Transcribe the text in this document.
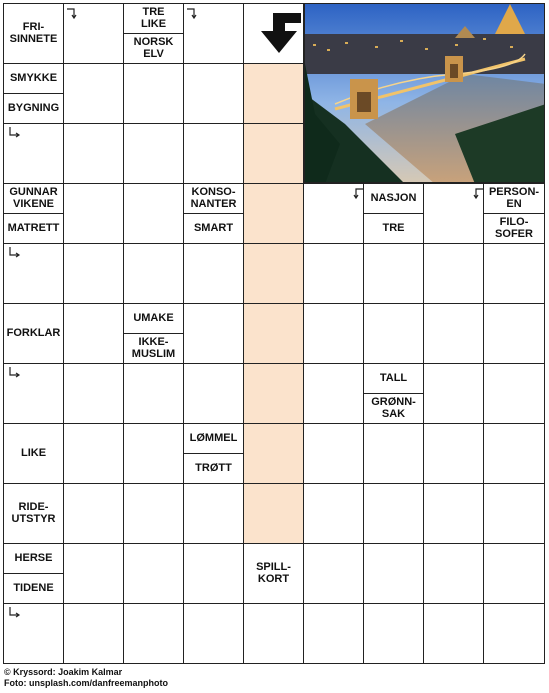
FRI-
SINNETE
TRE
LIKE
NORSK
ELV
SMYKKE
BYGNING
GUNNAR
VIKENE
MATRETT
KONSO-
NANTER
SMART
NASJON
TRE
PERSON-
EN
FILO-
SOFER
FORKLAR
UMAKE
IKKE-
MUSLIM
TALL
GRØNN-
SAK
LIKE
LØMMEL
TRØTT
RIDE-
UTSTYR
HERSE
TIDENE
SPILL-
KORT
© Kryssord: Joakim Kalmar
Foto: unsplash.com/danfreemanphoto
